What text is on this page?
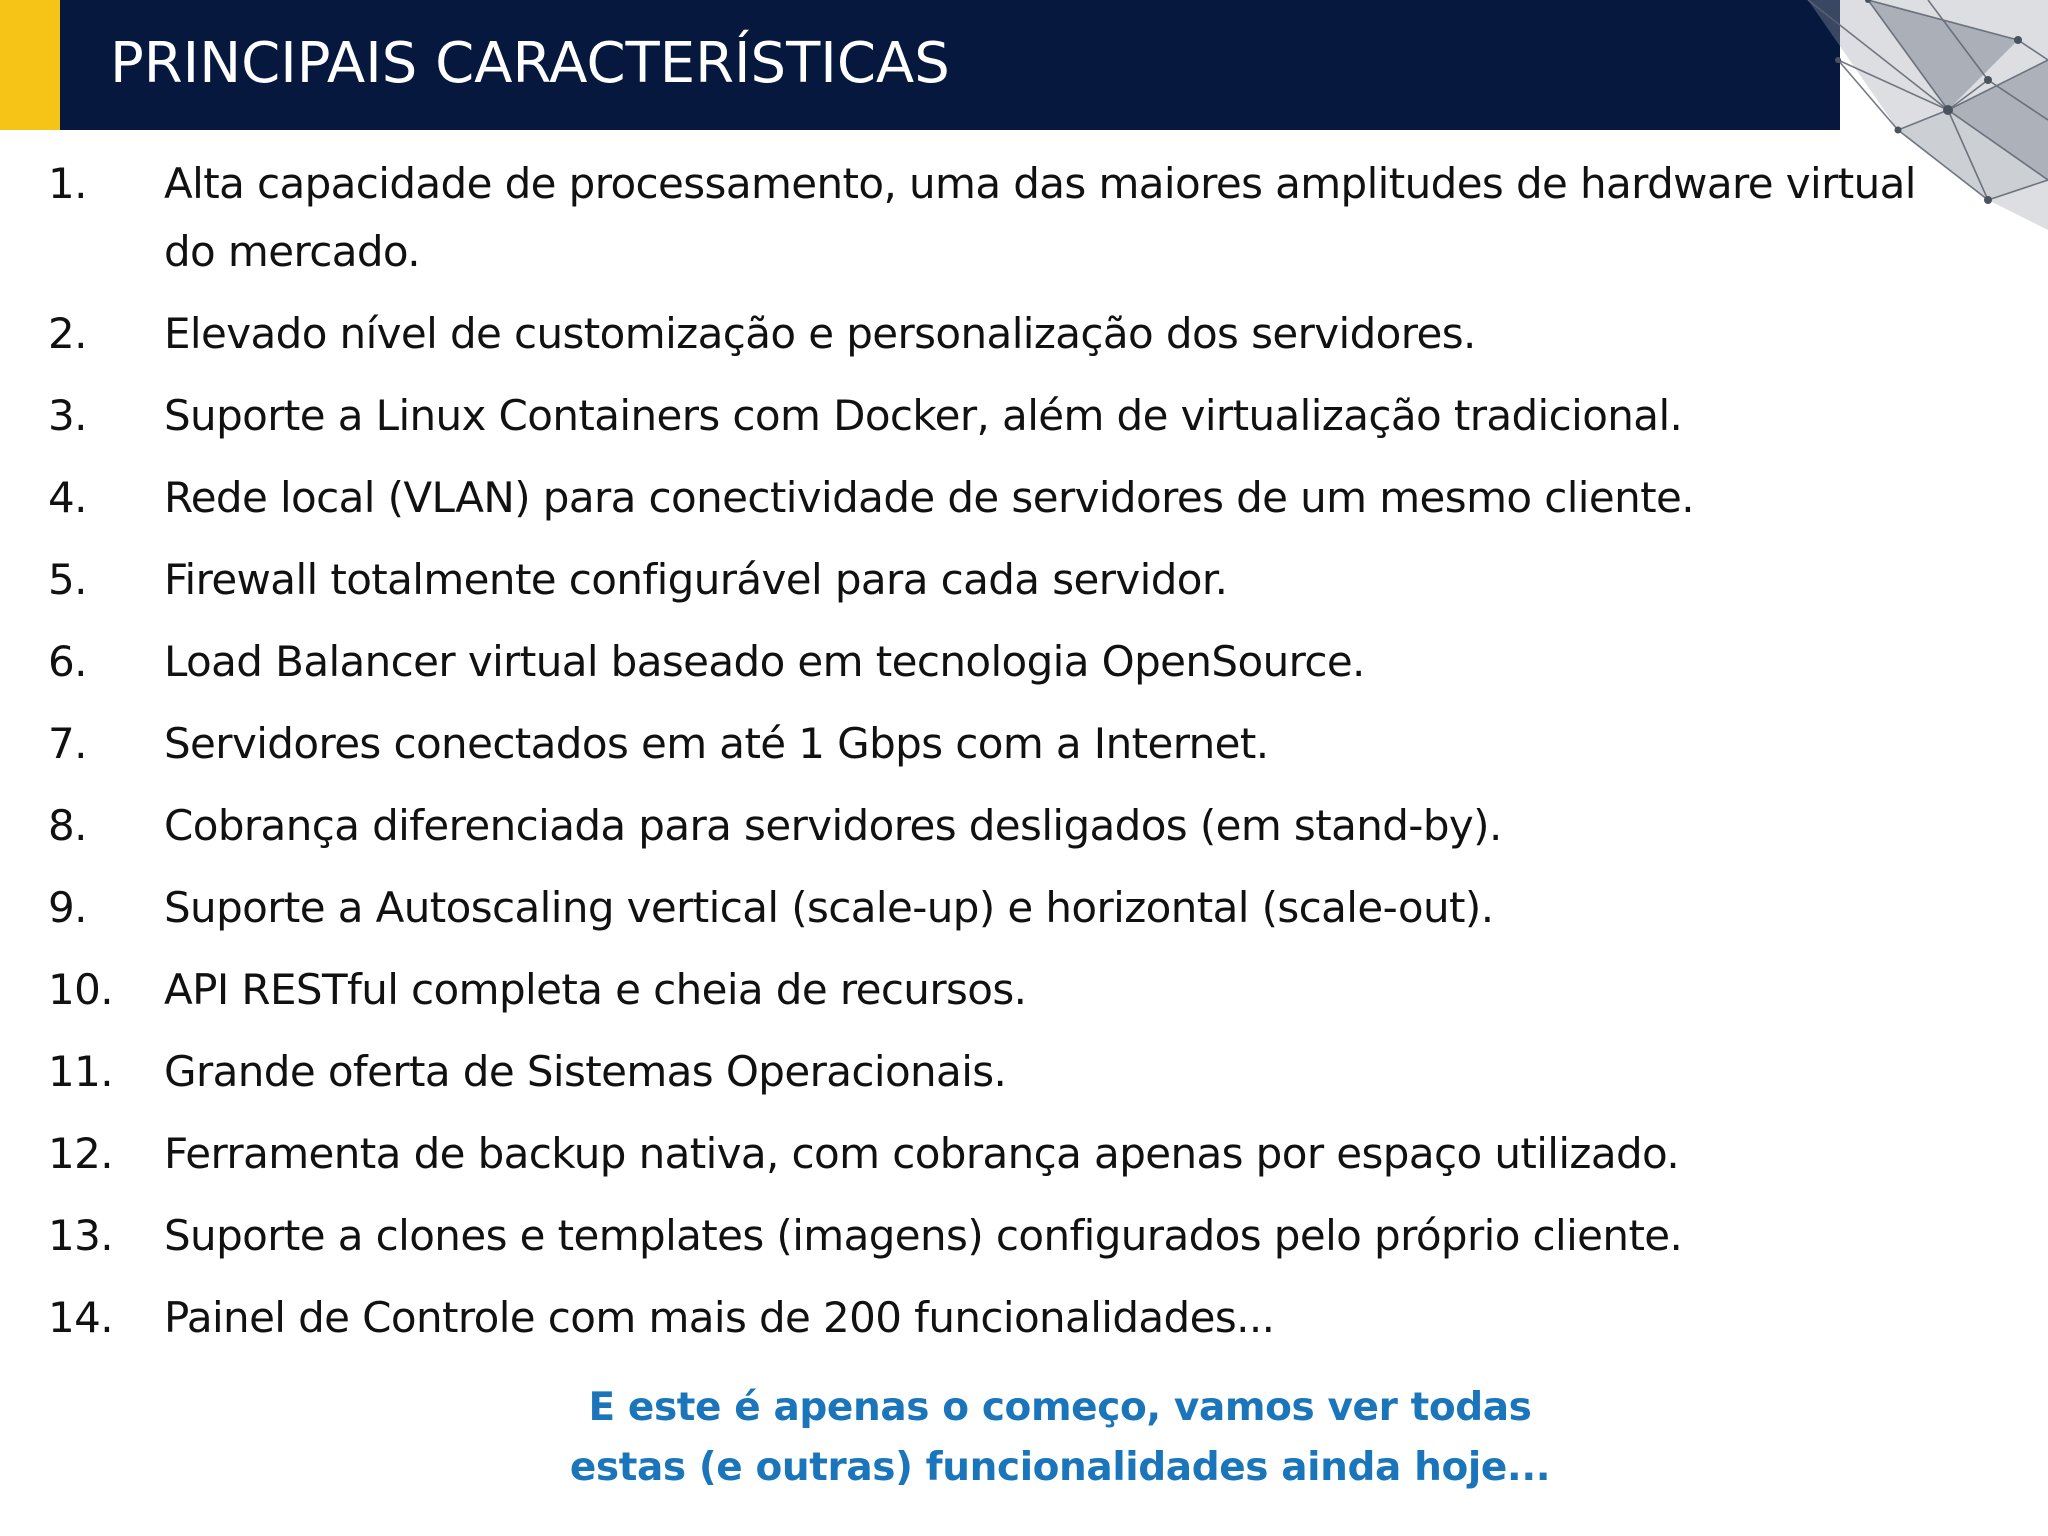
PRINCIPAIS CARACTERÍSTICAS
1.	Alta capacidade de processamento, uma das maiores amplitudes de hardware virtual do mercado.
2.	Elevado nível de customização e personalização dos servidores.
3.	Suporte a Linux Containers com Docker, além de virtualização tradicional.
4.	Rede local (VLAN) para conectividade de servidores de um mesmo cliente.
5.	Firewall totalmente configurável para cada servidor.
6.	Load Balancer virtual baseado em tecnologia OpenSource.
7.	Servidores conectados em até 1 Gbps com a Internet.
8.	Cobrança diferenciada para servidores desligados (em stand-by).
9.	Suporte a Autoscaling vertical (scale-up) e horizontal (scale-out).
10.	API RESTful completa e cheia de recursos.
11.	Grande oferta de Sistemas Operacionais.
12.	Ferramenta de backup nativa, com cobrança apenas por espaço utilizado.
13.	Suporte a clones e templates (imagens) configurados pelo próprio cliente.
14.	Painel de Controle com mais de 200 funcionalidades...

E este é apenas o começo, vamos ver todas
estas (e outras) funcionalidades ainda hoje...
